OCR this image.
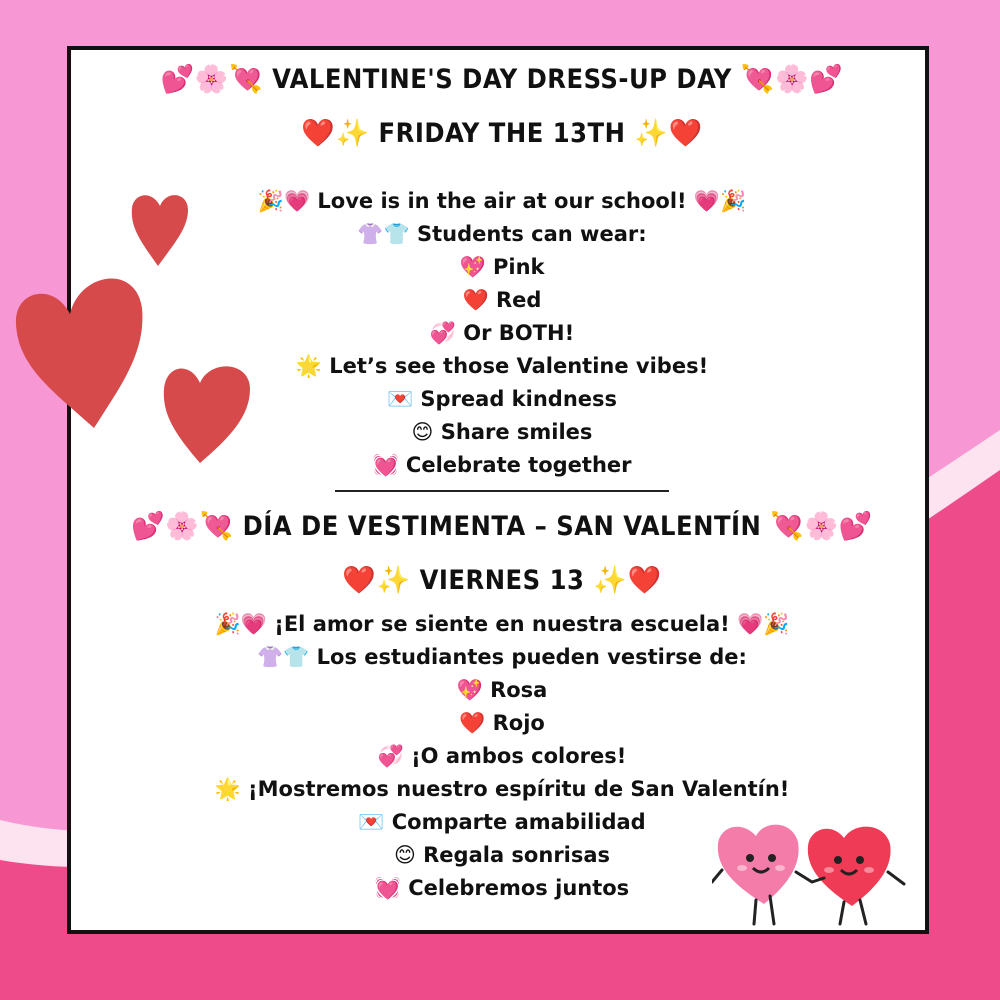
💕🌸💘 VALENTINE'S DAY DRESS-UP DAY 💘🌸💕
❤️✨ FRIDAY THE 13TH ✨❤️
🎉💗 Love is in the air at our school! 💗🎉
👚👕 Students can wear:
💖 Pink
❤️ Red
💞 Or BOTH!
🌟 Let’s see those Valentine vibes!
💌 Spread kindness
😊 Share smiles
💓 Celebrate together
💕🌸💘 DÍA DE VESTIMENTA – SAN VALENTÍN 💘🌸💕
❤️✨ VIERNES 13 ✨❤️
🎉💗 ¡El amor se siente en nuestra escuela! 💗🎉
👚👕 Los estudiantes pueden vestirse de:
💖 Rosa
❤️ Rojo
💞 ¡O ambos colores!
🌟 ¡Mostremos nuestro espíritu de San Valentín!
💌 Comparte amabilidad
😊 Regala sonrisas
💓 Celebremos juntos
